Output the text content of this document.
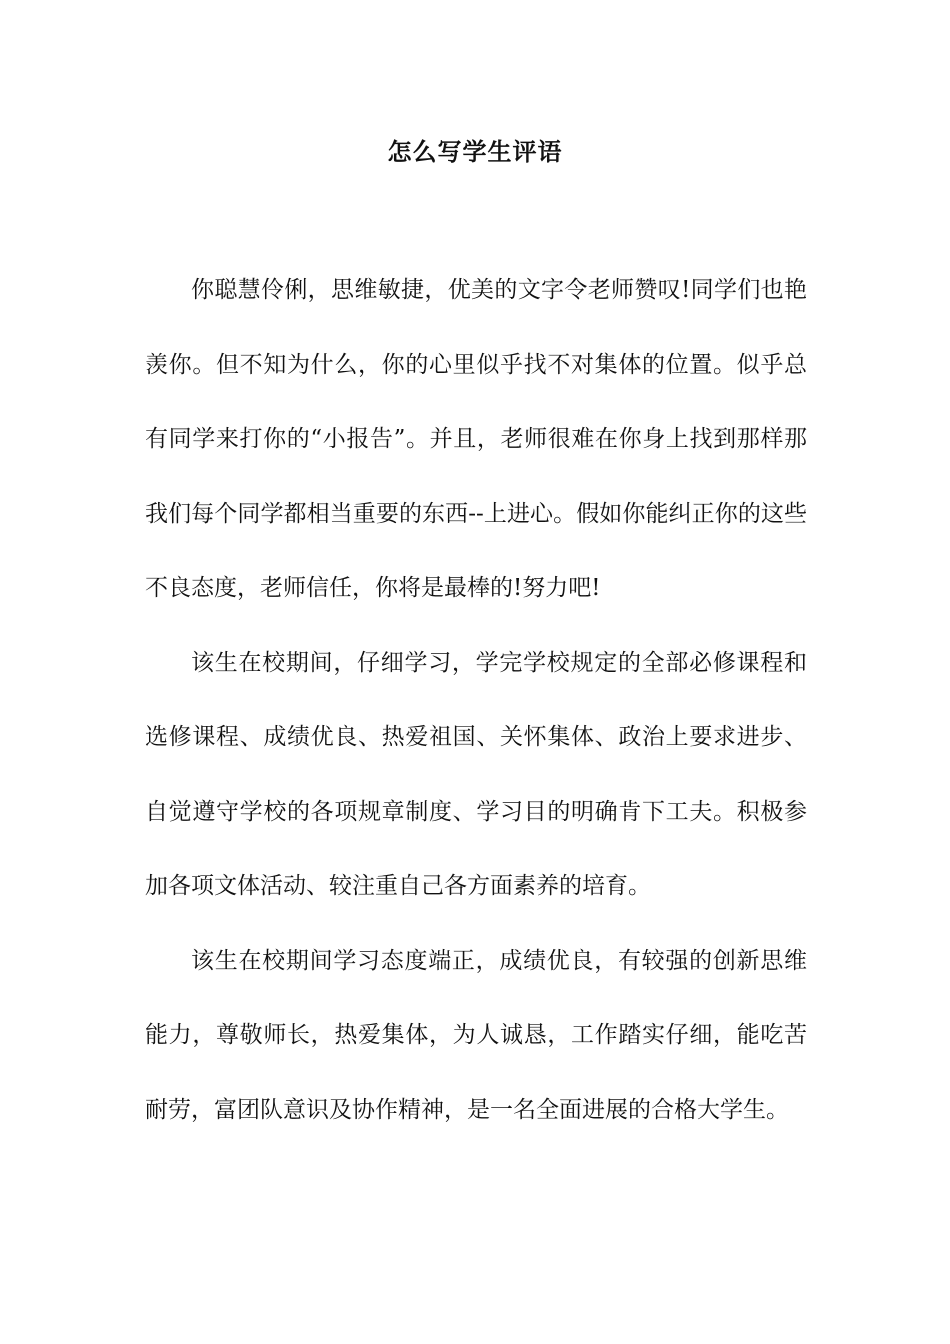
怎么写学生评语

你聪慧伶俐，思维敏捷，优美的文字令老师赞叹!同学们也艳羡你。但不知为什么，你的心里似乎找不对集体的位置。似乎总有同学来打你的“小报告”。并且，老师很难在你身上找到那样那我们每个同学都相当重要的东西--上进心。假如你能纠正你的这些不良态度，老师信任，你将是最棒的!努力吧!

该生在校期间，仔细学习，学完学校规定的全部必修课程和选修课程、成绩优良、热爱祖国、关怀集体、政治上要求进步、自觉遵守学校的各项规章制度、学习目的明确肯下工夫。积极参加各项文体活动、较注重自己各方面素养的培育。

该生在校期间学习态度端正，成绩优良，有较强的创新思维能力，尊敬师长，热爱集体，为人诚恳，工作踏实仔细，能吃苦耐劳，富团队意识及协作精神，是一名全面进展的合格大学生。
